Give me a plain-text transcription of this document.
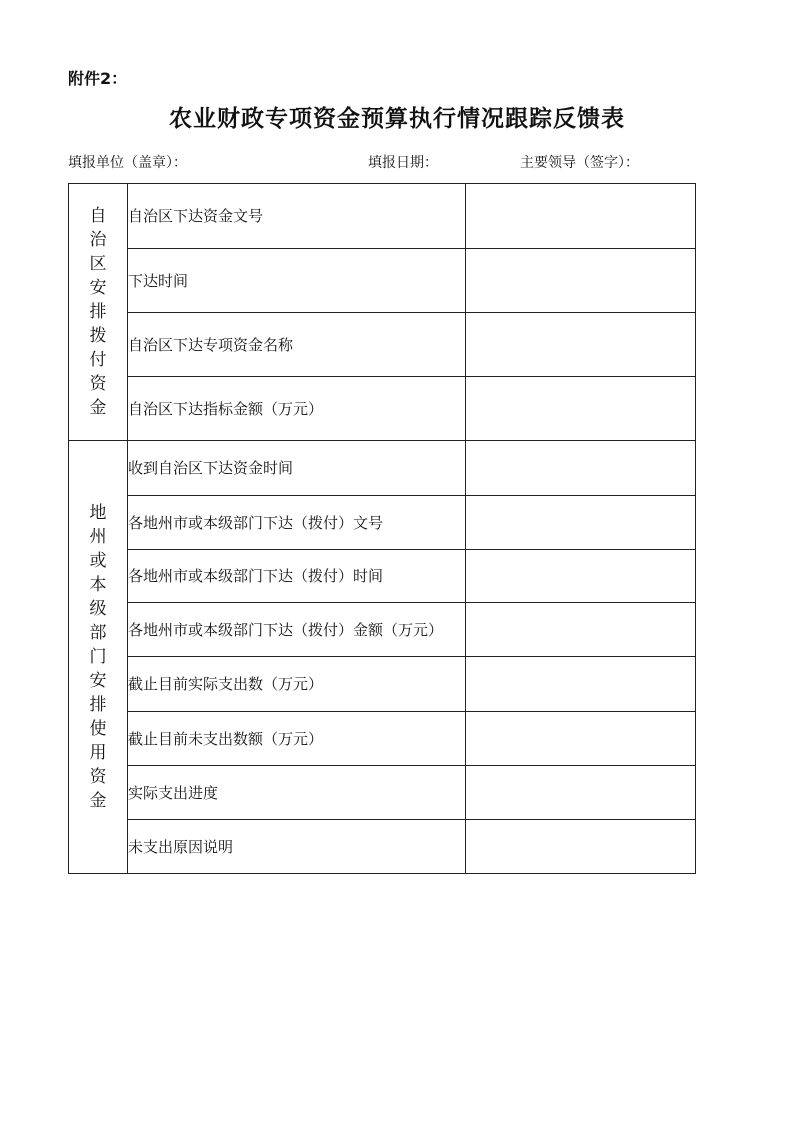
附件2：
农业财政专项资金预算执行情况跟踪反馈表
填报单位（盖章）：	填报日期：	主要领导（签字）：
自治区安排拨付资金	自治区下达资金文号	
	下达时间	
	自治区下达专项资金名称	
	自治区下达指标金额（万元）	
地州或本级部门安排使用资金	收到自治区下达资金时间	
	各地州市或本级部门下达（拨付）文号	
	各地州市或本级部门下达（拨付）时间	
	各地州市或本级部门下达（拨付）金额（万元）	
	截止目前实际支出数（万元）	
	截止目前未支出数额（万元）	
	实际支出进度	
	未支出原因说明	
